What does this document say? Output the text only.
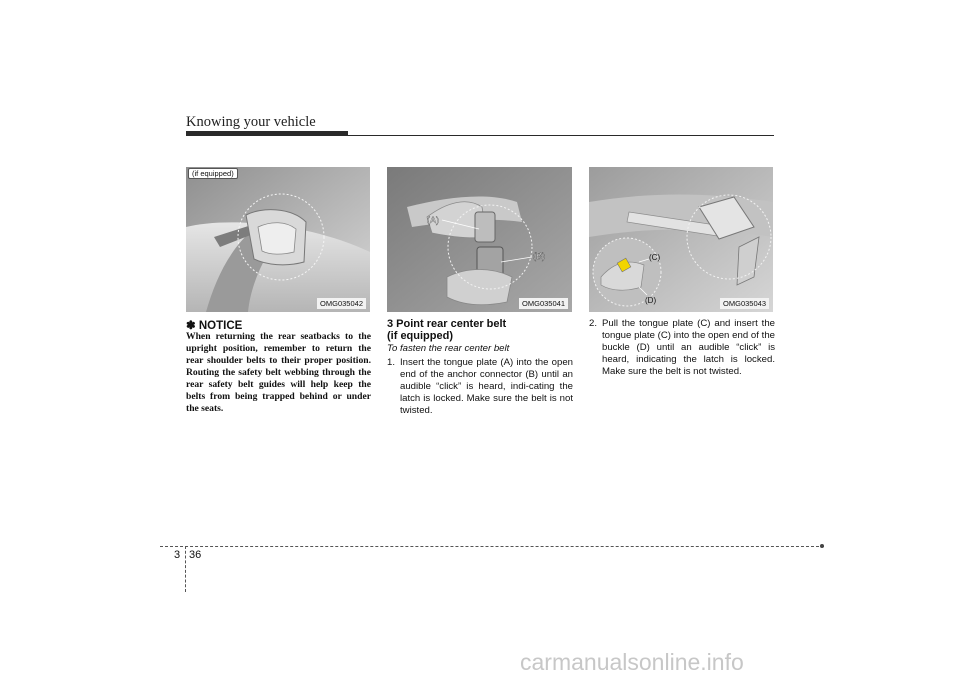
Knowing your vehicle
(if equipped)
OMG035042
(A)
(B)
OMG035041
(C)
(D)	OMG035043
✽ NOTICE

When returning the rear seatbacks to the upright position, remember to return the rear shoulder belts to their proper position. Routing the safety belt webbing through the rear safety belt guides will help keep the belts from being trapped behind or under the seats.

3 Point rear center belt
(if equipped)

To fasten the rear center belt

1. Insert the tongue plate (A) into the open end of the anchor connector (B) until an audible “click” is heard, indi-cating the latch is locked. Make sure the belt is not twisted.

2. Pull the tongue plate (C) and insert the tongue plate (C) into the open end of the buckle (D) until an audible “click” is heard, indicating the latch is locked. Make sure the belt is not twisted.

3 36
carmanualsonline.info
